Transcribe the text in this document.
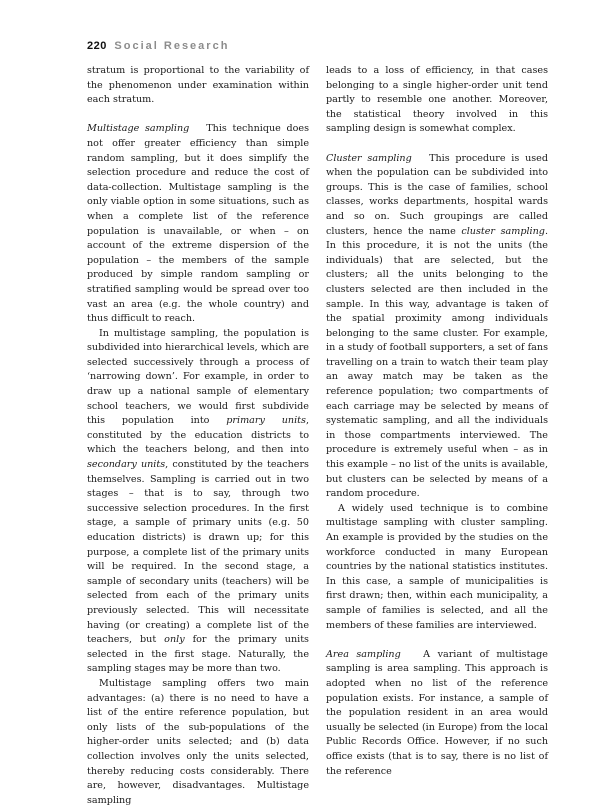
220 Social Research

stratum is proportional to the variability of the phenomenon under examination within each stratum.

Multistage sampling This technique does not offer greater efficiency than simple random sampling, but it does simplify the selection procedure and reduce the cost of data-collection. Multistage sampling is the only viable option in some situations, such as when a complete list of the reference population is unavailable, or when – on account of the extreme dispersion of the population – the members of the sample produced by simple random sampling or stratified sampling would be spread over too vast an area (e.g. the whole country) and thus difficult to reach.

In multistage sampling, the population is subdivided into hierarchical levels, which are selected successively through a process of ‘narrowing down’. For example, in order to draw up a national sample of elementary school teachers, we would first subdivide this population into primary units, constituted by the education districts to which the teachers belong, and then into secondary units, constituted by the teachers themselves. Sampling is carried out in two stages – that is to say, through two successive selection procedures. In the first stage, a sample of primary units (e.g. 50 education districts) is drawn up; for this purpose, a complete list of the primary units will be required. In the second stage, a sample of secondary units (teachers) will be selected from each of the primary units previously selected. This will necessitate having (or creating) a complete list of the teachers, but only for the primary units selected in the first stage. Naturally, the sampling stages may be more than two.

Multistage sampling offers two main advantages: (a) there is no need to have a list of the entire reference population, but only lists of the sub-populations of the higher-order units selected; and (b) data collection involves only the units selected, thereby reducing costs considerably. There are, however, disadvantages. Multistage sampling

leads to a loss of efficiency, in that cases belonging to a single higher-order unit tend partly to resemble one another. Moreover, the statistical theory involved in this sampling design is somewhat complex.

Cluster sampling This procedure is used when the population can be subdivided into groups. This is the case of families, school classes, works departments, hospital wards and so on. Such groupings are called clusters, hence the name cluster sampling. In this procedure, it is not the units (the individuals) that are selected, but the clusters; all the units belonging to the clusters selected are then included in the sample. In this way, advantage is taken of the spatial proximity among individuals belonging to the same cluster. For example, in a study of football supporters, a set of fans travelling on a train to watch their team play an away match may be taken as the reference population; two compartments of each carriage may be selected by means of systematic sampling, and all the individuals in those compartments interviewed. The procedure is extremely useful when – as in this example – no list of the units is available, but clusters can be selected by means of a random procedure.

A widely used technique is to combine multistage sampling with cluster sampling. An example is provided by the studies on the workforce conducted in many European countries by the national statistics institutes. In this case, a sample of municipalities is first drawn; then, within each municipality, a sample of families is selected, and all the members of these families are interviewed.

Area sampling A variant of multistage sampling is area sampling. This approach is adopted when no list of the reference population exists. For instance, a sample of the population resident in an area would usually be selected (in Europe) from the local Public Records Office. However, if no such office exists (that is to say, there is no list of the reference
